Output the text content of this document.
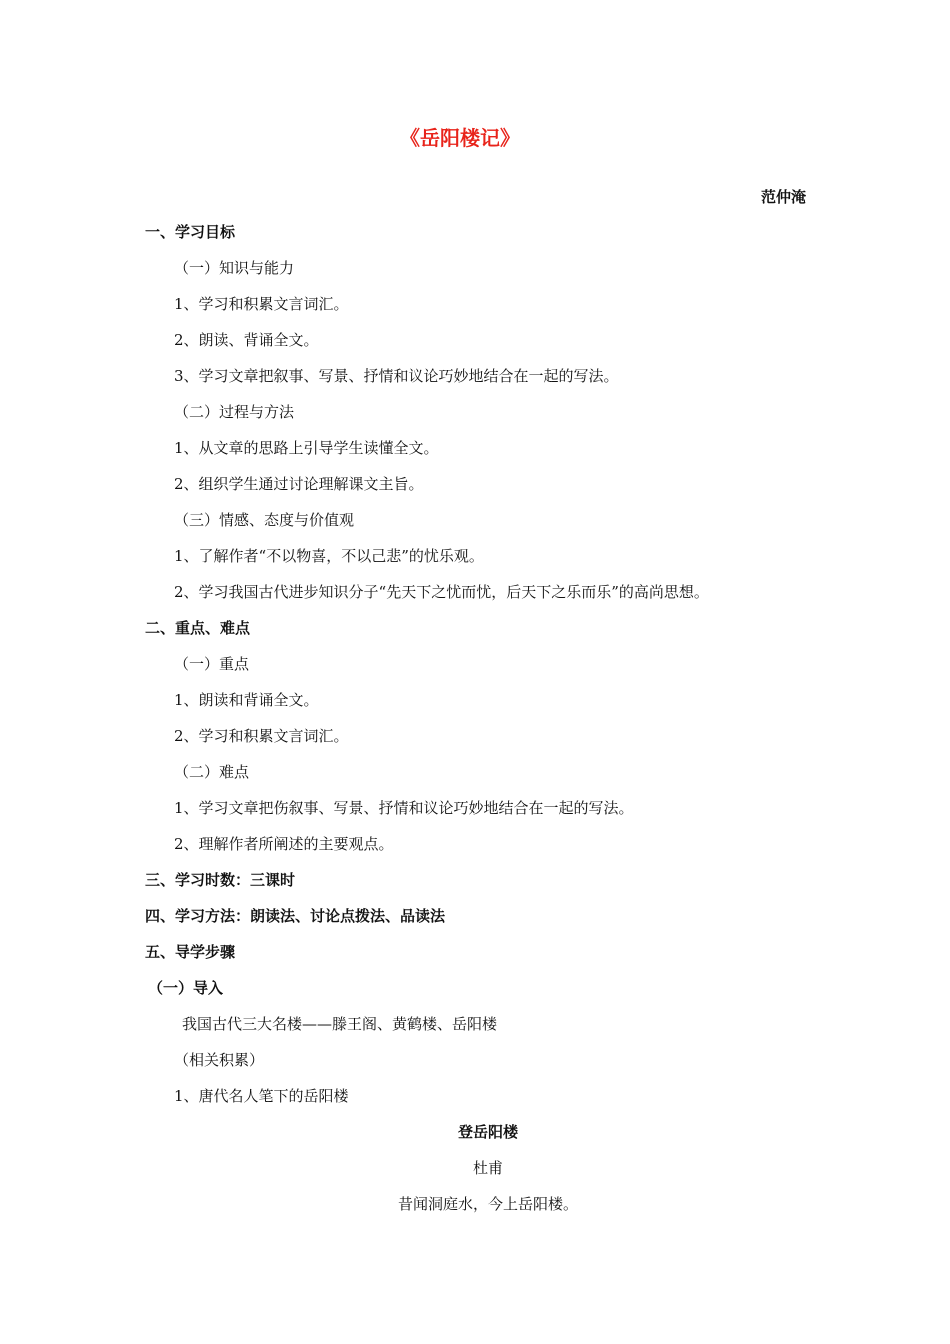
《岳阳楼记》
范仲淹
一、学习目标
（一）知识与能力
1、学习和积累文言词汇。
2、朗读、背诵全文。
3、学习文章把叙事、写景、抒情和议论巧妙地结合在一起的写法。
（二）过程与方法
1、从文章的思路上引导学生读懂全文。
2、组织学生通过讨论理解课文主旨。
（三）情感、态度与价值观
1、了解作者“不以物喜，不以己悲”的忧乐观。
2、学习我国古代进步知识分子“先天下之忧而忧，后天下之乐而乐”的高尚思想。
二、重点、难点
（一）重点
1、朗读和背诵全文。
2、学习和积累文言词汇。
（二）难点
1、学习文章把伤叙事、写景、抒情和议论巧妙地结合在一起的写法。
2、理解作者所阐述的主要观点。
三、学习时数：三课时
四、学习方法：朗读法、讨论点拨法、品读法
五、导学步骤
（一）导入
我国古代三大名楼——滕王阁、黄鹤楼、岳阳楼
（相关积累）
1、唐代名人笔下的岳阳楼
登岳阳楼
杜甫
昔闻洞庭水，今上岳阳楼。
